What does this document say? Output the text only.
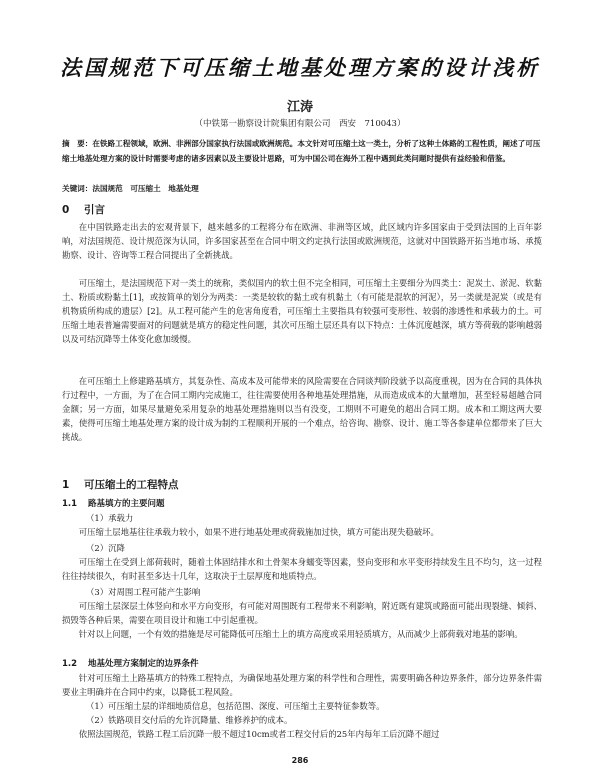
法国规范下可压缩土地基处理方案的设计浅析
江涛
（中铁第一勘察设计院集团有限公司　西安　710043）
摘　要：在铁路工程领域，欧洲、非洲部分国家执行法国或欧洲规范。本文针对可压缩土这一类土，分析了这种土体路的工程性质，阐述了可压缩土地基处理方案的设计时需要考虑的诸多因素以及主要设计思路，可为中国公司在海外工程中遇到此类问题时提供有益经验和借鉴。
关键词：法国规范　可压缩土　地基处理
0 引言
在中国铁路走出去的宏观背景下，越来越多的工程将分布在欧洲、非洲等区域，此区域内许多国家由于受到法国的上百年影响，对法国规范、设计规范深为认同，许多国家甚至在合同中明文约定执行法国或欧洲规范，这就对中国铁路开拓当地市场、承揽勘察、设计、咨询等工程合同提出了全新挑战。
可压缩土，是法国规范下对一类土的统称，类似国内的软土但不完全相同，可压缩土主要细分为四类土：泥炭土、淤泥、软黏土、粉质或粉黏土[1]，或按简单的划分为两类：一类是较软的黏土或有机黏土（有可能是混软的河泥），另一类就是泥炭（或是有机物质所构成的遗层）[2]。从工程可能产生的危害角度看，可压缩土主要指具有较强可变形性、较弱的渗透性和承载力的土。可压缩土地表普遍需要面对的问题就是填方的稳定性问题，其次可压缩土层还具有以下特点：土体沉度越深，填方等荷载的影响越弱以及可结沉降等土体变化愈加缓慢。
在可压缩土上修建路基填方，其复杂性、高成本及可能带来的风险需要在合同谈判阶段就予以高度重视，因为在合同的具体执行过程中，一方面，为了在合同工期内完成施工，往往需要使用各种地基处理措施，从而造成成本的大量增加，甚至轻易超越合同金额；另一方面，如果尽量避免采用复杂的地基处理措施则以当有没变，工期则不可避免的超出合同工期。成本和工期这两大要素，使得可压缩土地基处理方案的设计成为制约工程顺利开展的一个难点，给咨询、勘察、设计、施工等各参建单位都带来了巨大挑战。
1 可压缩土的工程特点
1.1 路基填方的主要问题
（1）承载力
可压缩土层地基往往承载力较小，如果不进行地基处理或荷载施加过快，填方可能出现失稳破坏。
（2）沉降
可压缩土在受到上部荷载时，随着土体固结排水和土骨架本身蠕变等因素，竖向变形和水平变形持续发生且不均匀，这一过程往往持续很久，有时甚至多达十几年，这取决于土层厚度和地质特点。
（3）对周围工程可能产生影响
可压缩土层深层土体竖向和水平方向变形，有可能对周围既有工程带来不利影响，附近既有建筑或路面可能出现裂缝、倾斜、损毁等各种后果，需要在项目设计和施工中引起重视。
针对以上问题，一个有效的措施是尽可能降低可压缩土上的填方高度或采用轻质填方，从而减少上部荷载对地基的影响。
1.2 地基处理方案制定的边界条件
针对可压缩土上路基填方的特殊工程特点，为确保地基处理方案的科学性和合理性，需要明确各种边界条件，部分边界条件需要业主明确并在合同中约束，以降低工程风险。
（1）可压缩土层的详细地质信息，包括范围、深度、可压缩土主要特征参数等。
（2）铁路项目交付后的允许沉降量、维修养护的成本。
依照法国规范，铁路工程工后沉降一般不超过10cm或者工程交付后的25年内每年工后沉降不超过
286
